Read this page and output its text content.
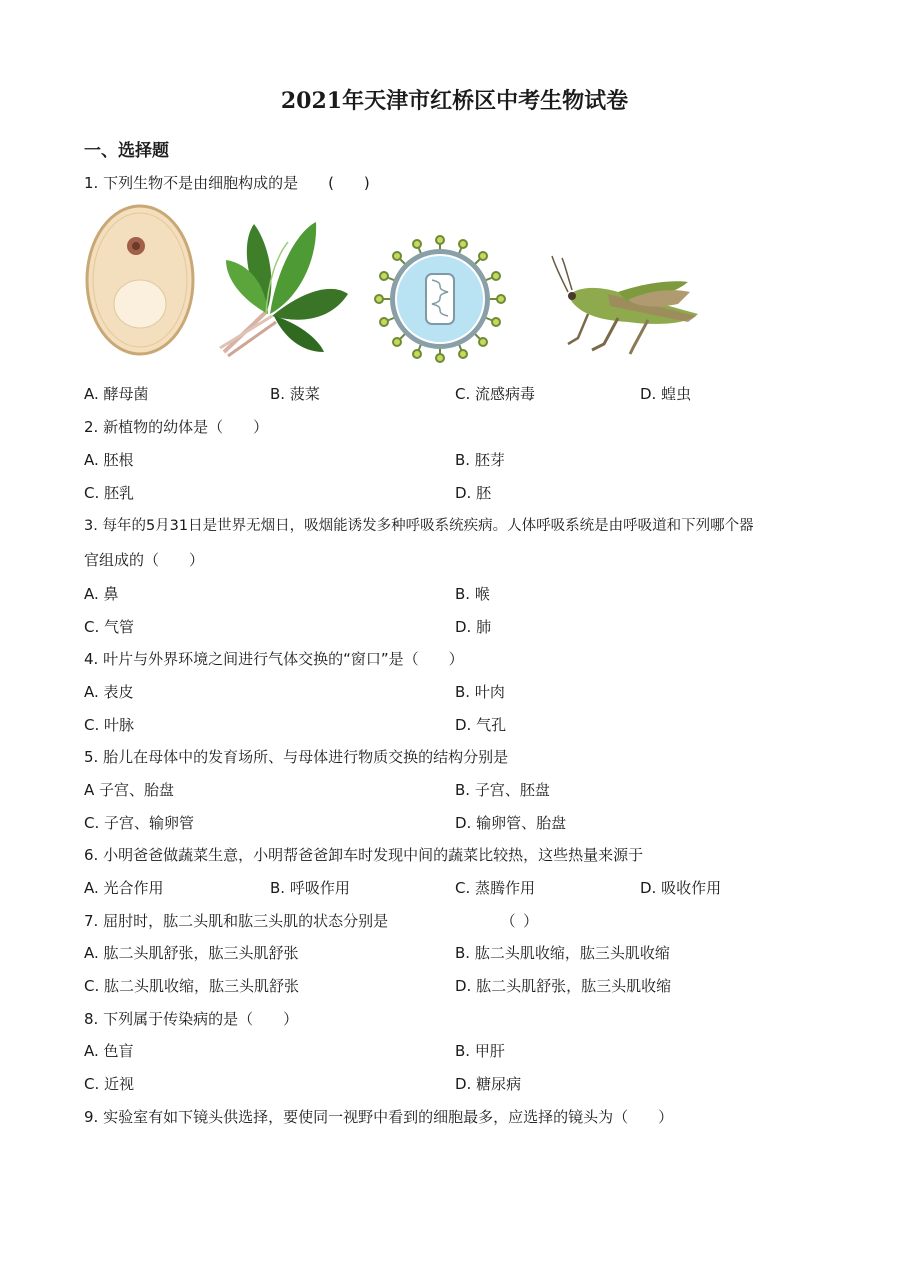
2021年天津市红桥区中考生物试卷
一、选择题
1. 下列生物不是由细胞构成的是　　(　　)
A. 酵母菌	B. 菠菜	C. 流感病毒	D. 蝗虫
2. 新植物的幼体是（　　）
A. 胚根	B. 胚芽
C. 胚乳	D. 胚
3. 每年的5月31日是世界无烟日，吸烟能诱发多种呼吸系统疾病。人体呼吸系统是由呼吸道和下列哪个器
官组成的（　　）
A. 鼻	B. 喉
C. 气管	D. 肺
4. 叶片与外界环境之间进行气体交换的“窗口”是（　　）
A. 表皮	B. 叶肉
C. 叶脉	D. 气孔
5. 胎儿在母体中的发育场所、与母体进行物质交换的结构分别是
A 子宫、胎盘	B. 子宫、胚盘
C. 子宫、输卵管	D. 输卵管、胎盘
6. 小明爸爸做蔬菜生意，小明帮爸爸卸车时发现中间的蔬菜比较热，这些热量来源于
A. 光合作用	B. 呼吸作用	C. 蒸腾作用	D. 吸收作用
7. 屈肘时，肱二头肌和肱三头肌的状态分别是　　　　　　　　（ ）
A. 肱二头肌舒张，肱三头肌舒张	B. 肱二头肌收缩，肱三头肌收缩
C. 肱二头肌收缩，肱三头肌舒张	D. 肱二头肌舒张，肱三头肌收缩
8. 下列属于传染病的是（　　）
A. 色盲	B. 甲肝
C. 近视	D. 糖尿病
9. 实验室有如下镜头供选择，要使同一视野中看到的细胞最多，应选择的镜头为（　　）
